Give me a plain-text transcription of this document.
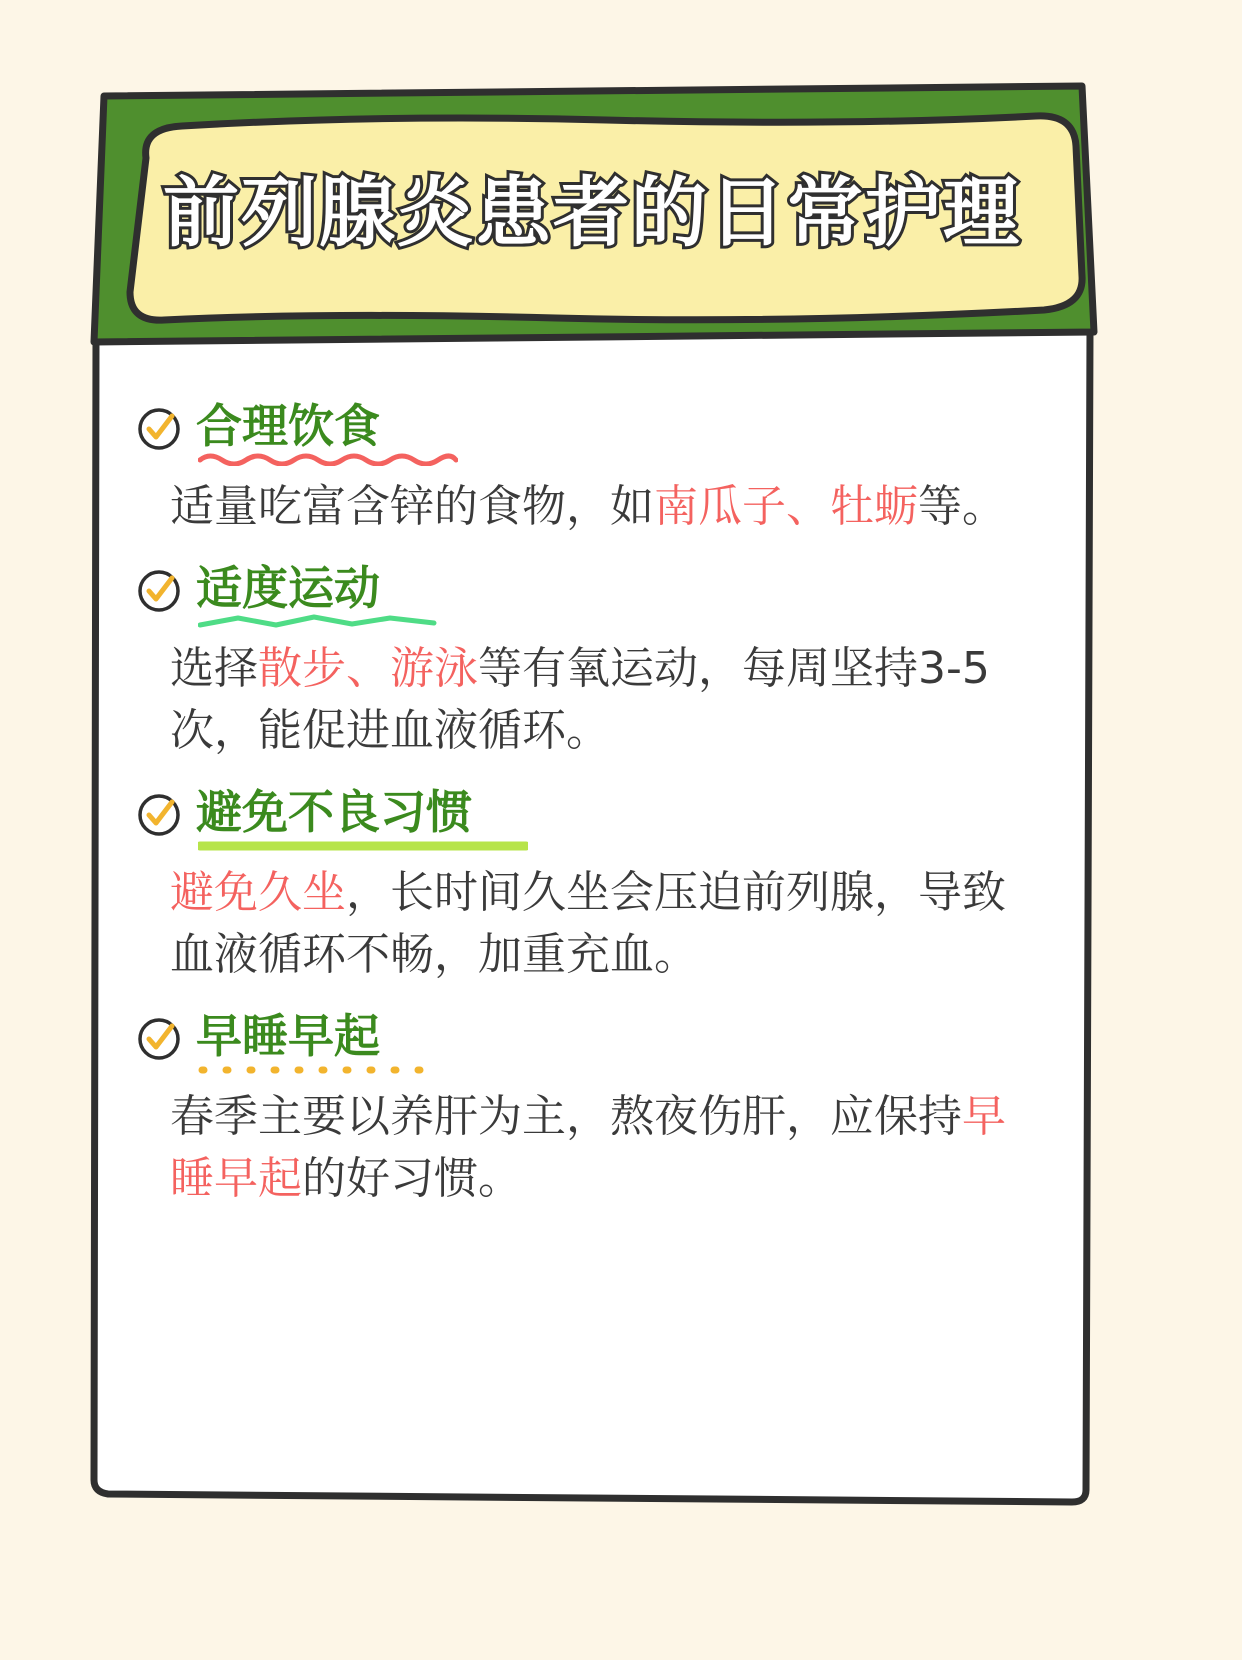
前列腺炎患者的日常护理
合理饮食
适量吃富含锌的食物，如南瓜子、牡蛎等。
适度运动
选择散步、游泳等有氧运动，每周坚持3-5次，能促进血液循环。
避免不良习惯
避免久坐，长时间久坐会压迫前列腺，导致血液循环不畅，加重充血。
早睡早起
春季主要以养肝为主，熬夜伤肝，应保持早睡早起的好习惯。
